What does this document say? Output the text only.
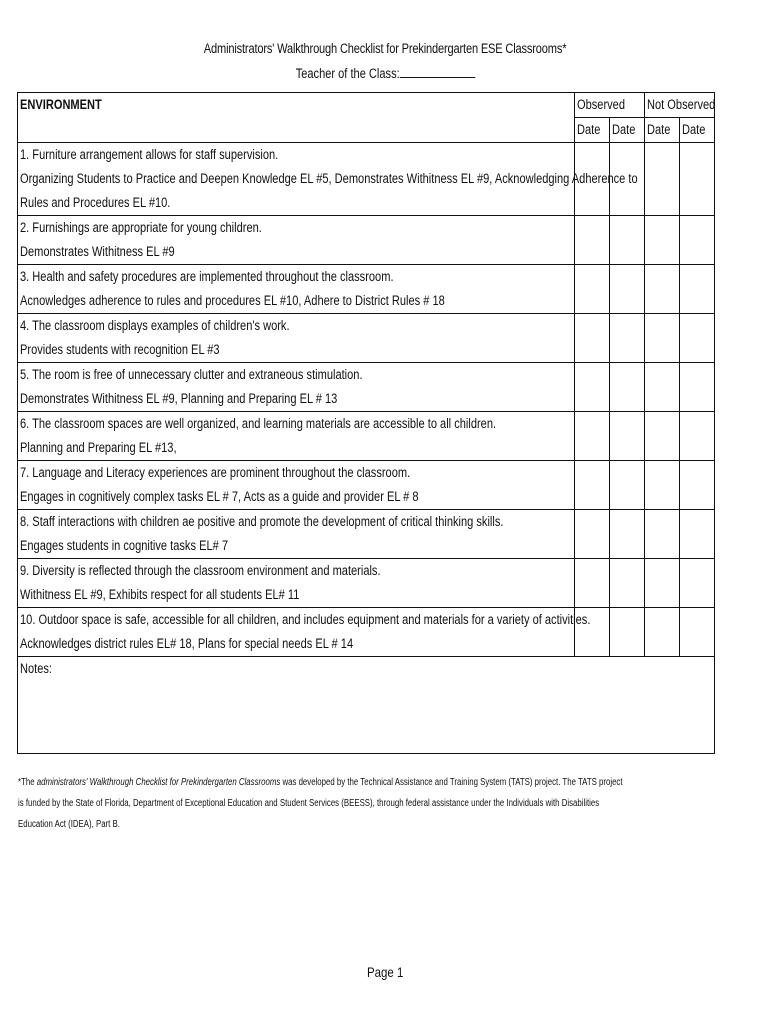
Administrators' Walkthrough Checklist for Prekindergarten ESE Classrooms*
Teacher of the Class:
ENVIRONMENT	Observed		Not Observed	

	Date	Date	Date	Date

1. Furniture arrangement allows for staff supervision.
Organizing Students to Practice and Deepen Knowledge EL #5, Demonstrates Withitness EL #9, Acknowledging Adherence to
Rules and Procedures EL #10.				

2. Furnishings are appropriate for young children.
Demonstrates Withitness EL #9				

3. Health and safety procedures are implemented throughout the classroom.
Acnowledges adherence to rules and procedures EL #10, Adhere to District Rules # 18				

4. The classroom displays examples of children's work.
Provides students with recognition EL #3				

5. The room is free of unnecessary clutter and extraneous stimulation.
Demonstrates Withitness EL #9, Planning and Preparing EL # 13				

6. The classroom spaces are well organized, and learning materials are accessible to all children.
Planning and Preparing EL #13,				

7. Language and Literacy experiences are prominent throughout the classroom.
Engages in cognitively complex tasks EL # 7, Acts as a guide and provider EL # 8				

8. Staff interactions with children ae positive and promote the development of critical thinking skills.
Engages students in cognitive tasks EL# 7				

9. Diversity is reflected through the classroom environment and materials.
Withitness EL #9, Exhibits respect for all students EL# 11				

10. Outdoor space is safe, accessible for all children, and includes equipment and materials for a variety of activities.
Acknowledges district rules EL# 18, Plans for special needs EL # 14				

Notes:				
*The administrators' Walkthrough Checklist for Prekindergarten Classrooms was developed by the Technical Assistance and Training System (TATS) project. The TATS project
is funded by the State of Florida, Department of Exceptional Education and Student Services (BEESS), through federal assistance under the Individuals with Disabilities
Education Act (IDEA), Part B.
Page 1
